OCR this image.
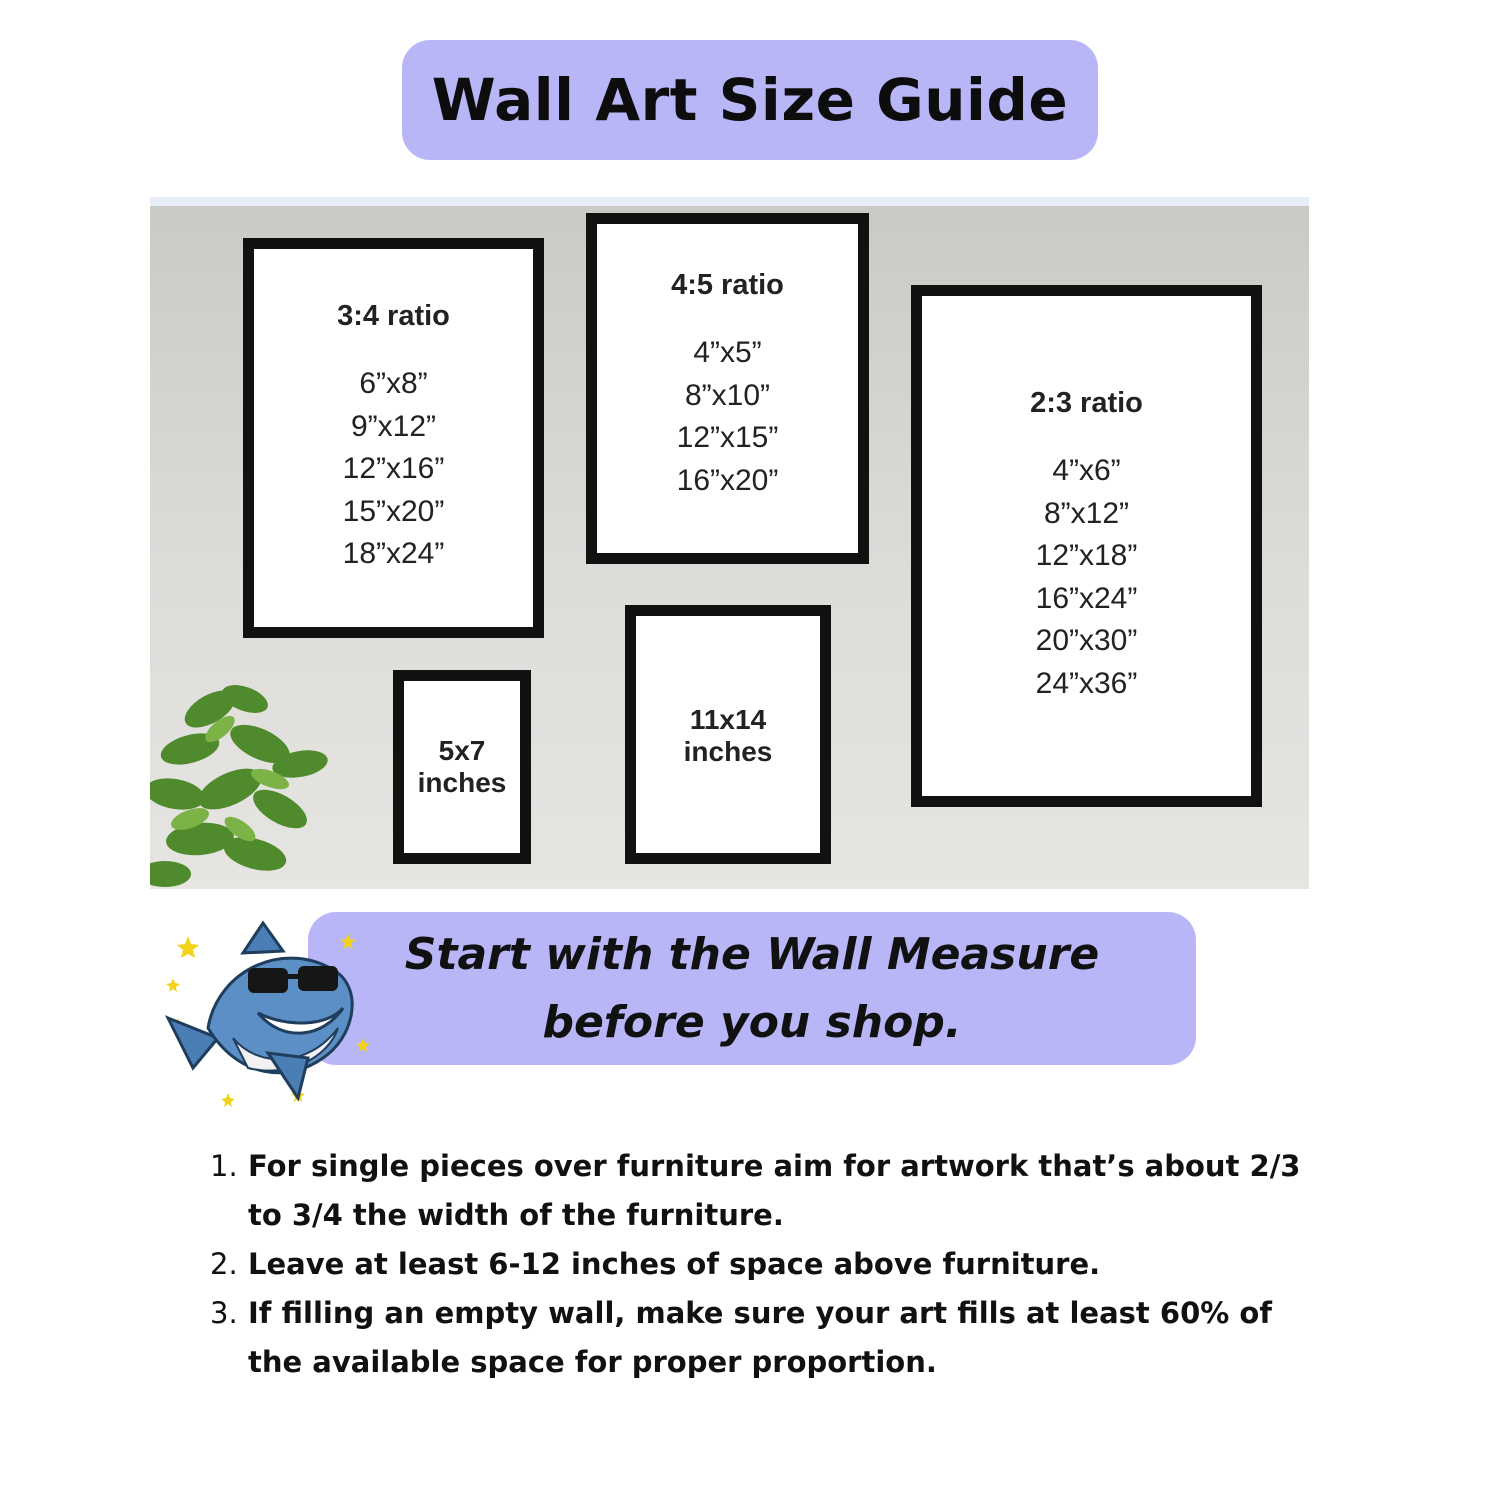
Wall Art Size Guide
3:4 ratio
6”x8”
9”x12”
12”x16”
15”x20”
18”x24”
4:5 ratio
4”x5”
8”x10”
12”x15”
16”x20”
2:3 ratio
4”x6”
8”x12”
12”x18”
16”x24”
20”x30”
24”x36”
5x7
inches
11x14
inches
Start with the Wall Measure
before you shop.
1. For single pieces over furniture aim for artwork that’s about 2/3 to 3/4 the width of the furniture.
2. Leave at least 6-12 inches of space above furniture.
3. If filling an empty wall, make sure your art fills at least 60% of the available space for proper proportion.
